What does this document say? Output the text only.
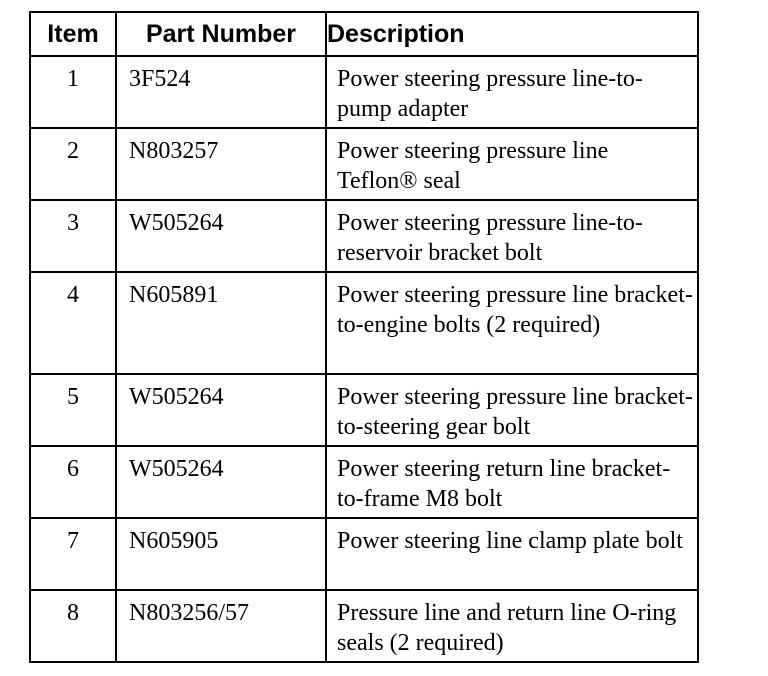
Item	Part Number	Description
1	3F524	Power steering pressure line-to-pump adapter
2	N803257	Power steering pressure line Teflon® seal
3	W505264	Power steering pressure line-to-reservoir bracket bolt
4	N605891	Power steering pressure line bracket-to-engine bolts (2 required)
5	W505264	Power steering pressure line bracket-to-steering gear bolt
6	W505264	Power steering return line bracket-to-frame M8 bolt
7	N605905	Power steering line clamp plate bolt
8	N803256/57	Pressure line and return line O-ring seals (2 required)
